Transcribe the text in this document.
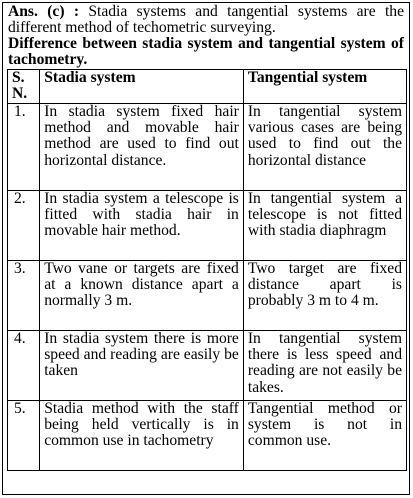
Ans. (c) : Stadia systems and tangential systems are the different method of techometric surveying.

Difference between stadia system and tangential system of tachometry.

S. N.	Stadia system	Tangential system
1.	In stadia system fixed hair method and movable hair method are used to find out horizontal distance.	In tangential system various cases are being used to find out the horizontal distance
2.	In stadia system a telescope is fitted with stadia hair in movable hair method.	In tangential system a telescope is not fitted with stadia diaphragm
3.	Two vane or targets are fixed at a known distance apart a normally 3 m.	Two target are fixed distance apart is probably 3 m to 4 m.
4.	In stadia system there is more speed and reading are easily be taken	In tangential system there is less speed and reading are not easily be takes.
5.	Stadia method with the staff being held vertically is in common use in tachometry	Tangential method or system is not in common use.
